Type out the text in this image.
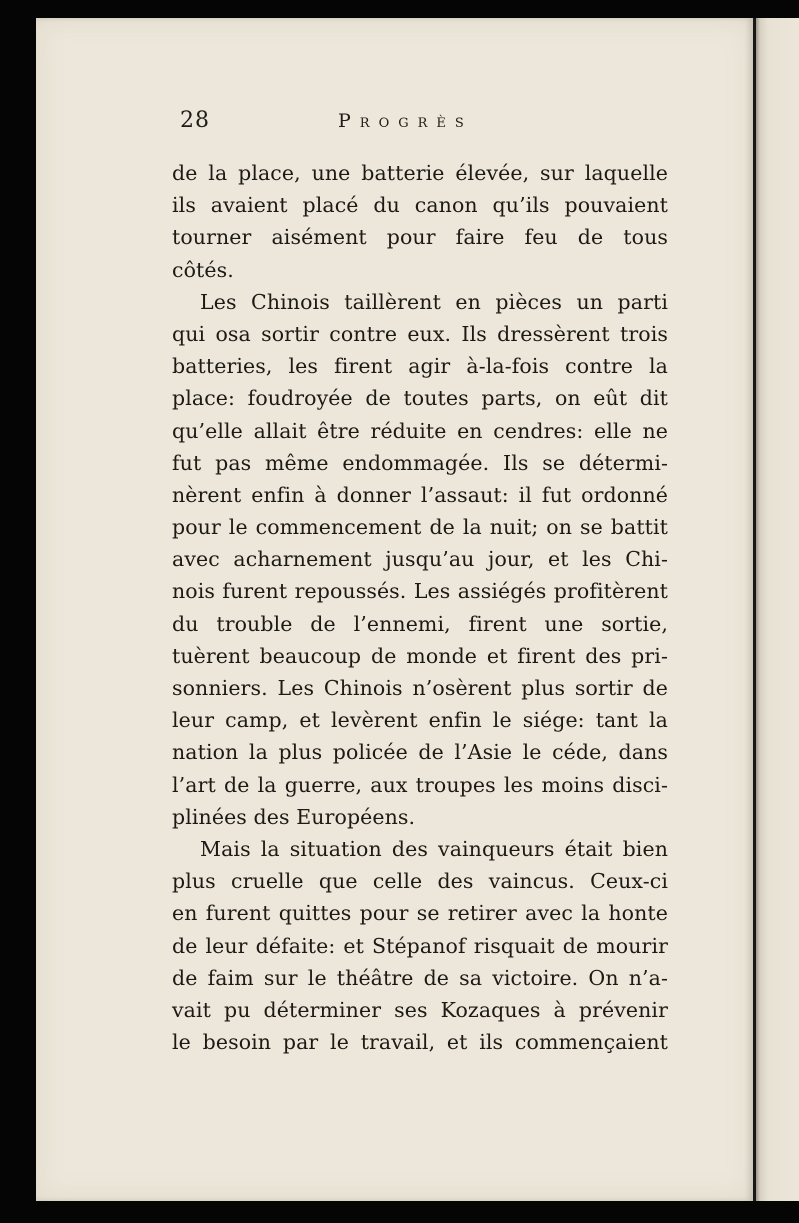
28	Progrès
de la place, une batterie élevée, sur laquelle
ils avaient placé du canon qu’ils pouvaient
tourner aisément pour faire feu de tous
côtés.
Les Chinois taillèrent en pièces un parti
qui osa sortir contre eux. Ils dressèrent trois
batteries, les firent agir à-la-fois contre la
place: foudroyée de toutes parts, on eût dit
qu’elle allait être réduite en cendres: elle ne
fut pas même endommagée. Ils se détermi-
nèrent enfin à donner l’assaut: il fut ordonné
pour le commencement de la nuit; on se battit
avec acharnement jusqu’au jour, et les Chi-
nois furent repoussés. Les assiégés profitèrent
du trouble de l’ennemi, firent une sortie,
tuèrent beaucoup de monde et firent des pri-
sonniers. Les Chinois n’osèrent plus sortir de
leur camp, et levèrent enfin le siége: tant la
nation la plus policée de l’Asie le céde, dans
l’art de la guerre, aux troupes les moins disci-
plinées des Européens.
Mais la situation des vainqueurs était bien
plus cruelle que celle des vaincus. Ceux-ci
en furent quittes pour se retirer avec la honte
de leur défaite: et Stépanof risquait de mourir
de faim sur le théâtre de sa victoire. On n’a-
vait pu déterminer ses Kozaques à prévenir
le besoin par le travail, et ils commençaient
